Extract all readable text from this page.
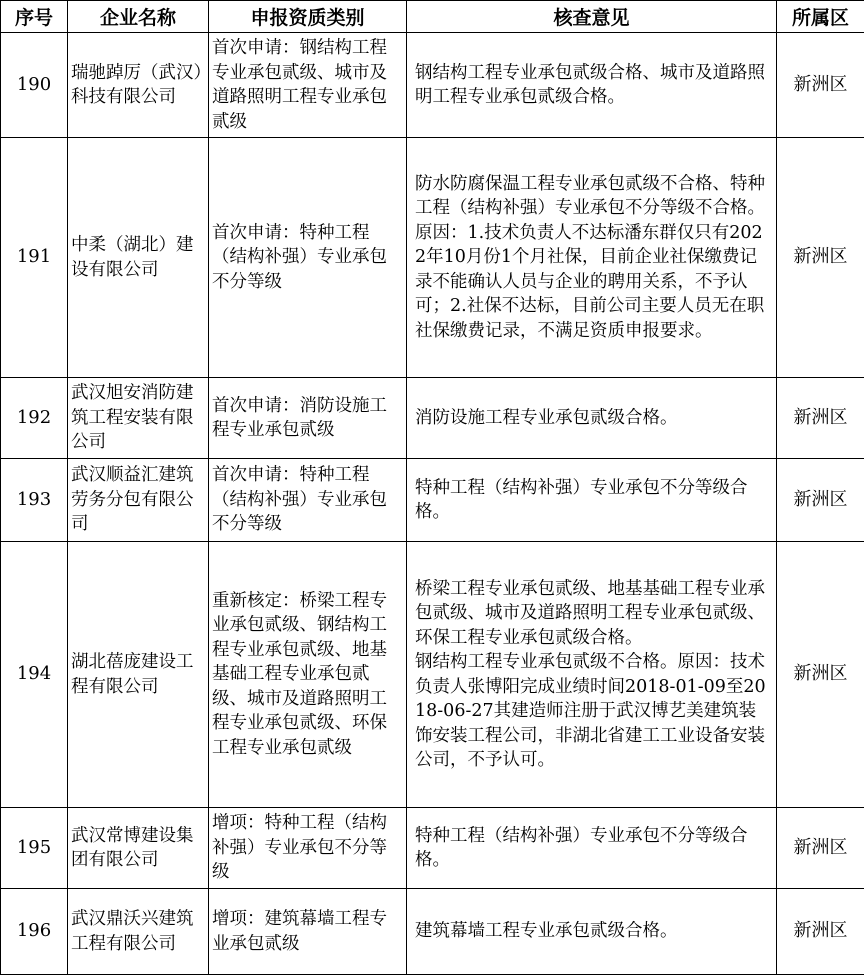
序号	企业名称	申报资质类别	核查意见	所属区
190	瑞驰踔厉（武汉）科技有限公司	首次申请：钢结构工程专业承包贰级、城市及道路照明工程专业承包贰级	钢结构工程专业承包贰级合格、城市及道路照明工程专业承包贰级合格。	新洲区
191	中柔（湖北）建设有限公司	首次申请：特种工程（结构补强）专业承包不分等级	防水防腐保温工程专业承包贰级不合格、特种工程（结构补强）专业承包不分等级不合格。原因：1.技术负责人不达标潘东群仅只有2022年10月份1个月社保，目前企业社保缴费记录不能确认人员与企业的聘用关系，不予认可；2.社保不达标，目前公司主要人员无在职社保缴费记录，不满足资质申报要求。	新洲区
192	武汉旭安消防建筑工程安装有限公司	首次申请：消防设施工程专业承包贰级	消防设施工程专业承包贰级合格。	新洲区
193	武汉顺益汇建筑劳务分包有限公司	首次申请：特种工程（结构补强）专业承包不分等级	特种工程（结构补强）专业承包不分等级合格。	新洲区
194	湖北蓓庞建设工程有限公司	重新核定：桥梁工程专业承包贰级、钢结构工程专业承包贰级、地基基础工程专业承包贰级、城市及道路照明工程专业承包贰级、环保工程专业承包贰级	桥梁工程专业承包贰级、地基基础工程专业承包贰级、城市及道路照明工程专业承包贰级、环保工程专业承包贰级合格。
钢结构工程专业承包贰级不合格。原因：技术负责人张博阳完成业绩时间2018-01-09至2018-06-27其建造师注册于武汉博艺美建筑装饰安装工程公司，非湖北省建工工业设备安装公司，不予认可。	新洲区
195	武汉常博建设集团有限公司	增项：特种工程（结构补强）专业承包不分等级	特种工程（结构补强）专业承包不分等级合格。	新洲区
196	武汉鼎沃兴建筑工程有限公司	增项：建筑幕墙工程专业承包贰级	建筑幕墙工程专业承包贰级合格。	新洲区
